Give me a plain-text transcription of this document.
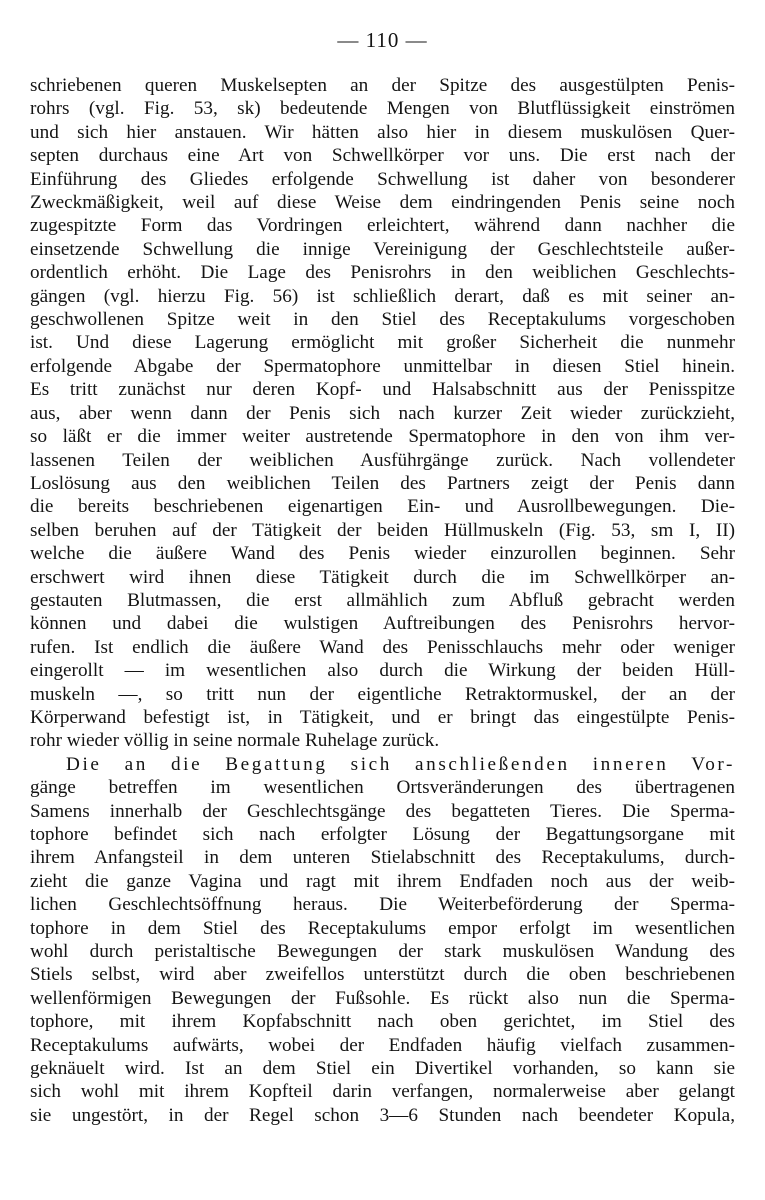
— 110 —
schriebenen queren Muskelsepten an der Spitze des ausgestülpten Penis-
rohrs (vgl. Fig. 53, sk) bedeutende Mengen von Blutflüssigkeit einströmen
und sich hier anstauen. Wir hätten also hier in diesem muskulösen Quer-
septen durchaus eine Art von Schwellkörper vor uns. Die erst nach der
Einführung des Gliedes erfolgende Schwellung ist daher von besonderer
Zweckmäßigkeit, weil auf diese Weise dem eindringenden Penis seine noch
zugespitzte Form das Vordringen erleichtert, während dann nachher die
einsetzende Schwellung die innige Vereinigung der Geschlechtsteile außer-
ordentlich erhöht. Die Lage des Penisrohrs in den weiblichen Geschlechts-
gängen (vgl. hierzu Fig. 56) ist schließlich derart, daß es mit seiner an-
geschwollenen Spitze weit in den Stiel des Receptakulums vorgeschoben
ist. Und diese Lagerung ermöglicht mit großer Sicherheit die nunmehr
erfolgende Abgabe der Spermatophore unmittelbar in diesen Stiel hinein.
Es tritt zunächst nur deren Kopf- und Halsabschnitt aus der Penisspitze
aus, aber wenn dann der Penis sich nach kurzer Zeit wieder zurückzieht,
so läßt er die immer weiter austretende Spermatophore in den von ihm ver-
lassenen Teilen der weiblichen Ausführgänge zurück. Nach vollendeter
Loslösung aus den weiblichen Teilen des Partners zeigt der Penis dann
die bereits beschriebenen eigenartigen Ein- und Ausrollbewegungen. Die-
selben beruhen auf der Tätigkeit der beiden Hüllmuskeln (Fig. 53, sm I, II)
welche die äußere Wand des Penis wieder einzurollen beginnen. Sehr
erschwert wird ihnen diese Tätigkeit durch die im Schwellkörper an-
gestauten Blutmassen, die erst allmählich zum Abfluß gebracht werden
können und dabei die wulstigen Auftreibungen des Penisrohrs hervor-
rufen. Ist endlich die äußere Wand des Penisschlauchs mehr oder weniger
eingerollt — im wesentlichen also durch die Wirkung der beiden Hüll-
muskeln —, so tritt nun der eigentliche Retraktormuskel, der an der
Körperwand befestigt ist, in Tätigkeit, und er bringt das eingestülpte Penis-
rohr wieder völlig in seine normale Ruhelage zurück.
Die an die Begattung sich anschließenden inneren Vor-
gänge betreffen im wesentlichen Ortsveränderungen des übertragenen
Samens innerhalb der Geschlechtsgänge des begatteten Tieres. Die Sperma-
tophore befindet sich nach erfolgter Lösung der Begattungsorgane mit
ihrem Anfangsteil in dem unteren Stielabschnitt des Receptakulums, durch-
zieht die ganze Vagina und ragt mit ihrem Endfaden noch aus der weib-
lichen Geschlechtsöffnung heraus. Die Weiterbeförderung der Sperma-
tophore in dem Stiel des Receptakulums empor erfolgt im wesentlichen
wohl durch peristaltische Bewegungen der stark muskulösen Wandung des
Stiels selbst, wird aber zweifellos unterstützt durch die oben beschriebenen
wellenförmigen Bewegungen der Fußsohle. Es rückt also nun die Sperma-
tophore, mit ihrem Kopfabschnitt nach oben gerichtet, im Stiel des
Receptakulums aufwärts, wobei der Endfaden häufig vielfach zusammen-
geknäuelt wird. Ist an dem Stiel ein Divertikel vorhanden, so kann sie
sich wohl mit ihrem Kopfteil darin verfangen, normalerweise aber gelangt
sie ungestört, in der Regel schon 3—6 Stunden nach beendeter Kopula,
